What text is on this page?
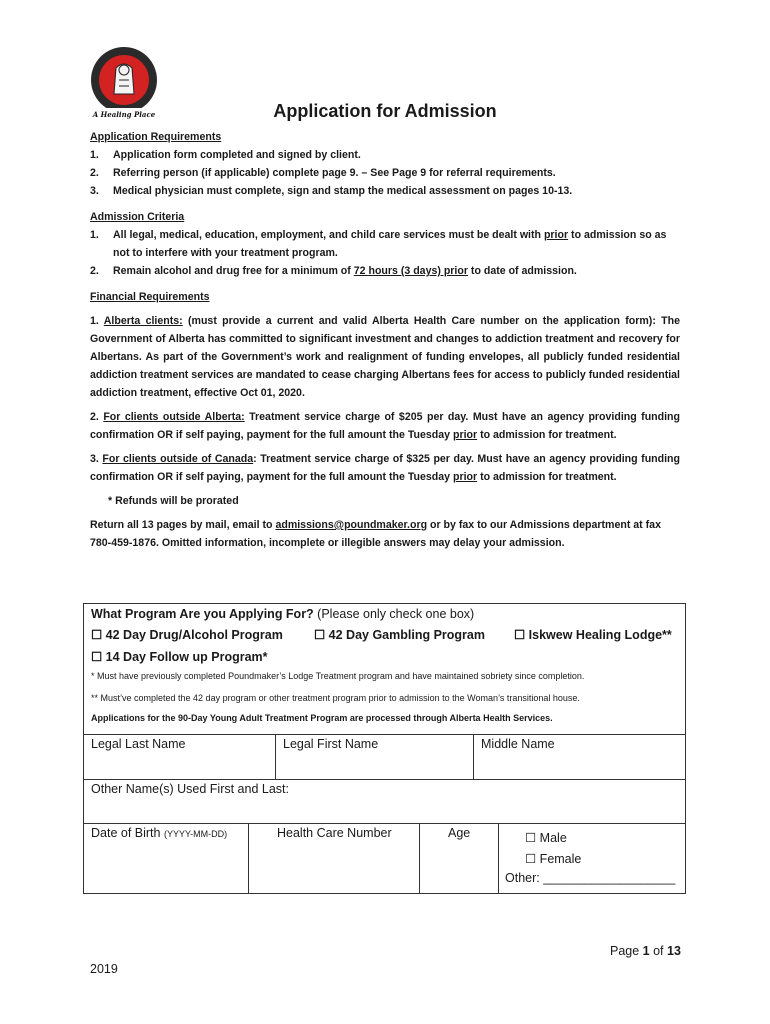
A Healing Place	Application for Admission
Application Requirements
1.	Application form completed and signed by client.
2.	Referring person (if applicable) complete page 9. – See Page 9 for referral requirements.
3.	Medical physician must complete, sign and stamp the medical assessment on pages 10-13.
Admission Criteria
1.	All legal, medical, education, employment, and child care services must be dealt with prior to admission so as not to interfere with your treatment program.
2.	Remain alcohol and drug free for a minimum of 72 hours (3 days) prior to date of admission.
Financial Requirements
1. Alberta clients: (must provide a current and valid Alberta Health Care number on the application form): The Government of Alberta has committed to significant investment and changes to addiction treatment and recovery for Albertans. As part of the Government’s work and realignment of funding envelopes, all publicly funded residential addiction treatment services are mandated to cease charging Albertans fees for access to publicly funded residential addiction treatment, effective Oct 01, 2020.
2. For clients outside Alberta: Treatment service charge of $205 per day. Must have an agency providing funding confirmation OR if self paying, payment for the full amount the Tuesday prior to admission for treatment.
3. For clients outside of Canada: Treatment service charge of $325 per day. Must have an agency providing funding confirmation OR if self paying, payment for the full amount the Tuesday prior to admission for treatment.
* Refunds will be prorated
Return all 13 pages by mail, email to admissions@poundmaker.org or by fax to our Admissions department at fax 780-459-1876. Omitted information, incomplete or illegible answers may delay your admission.
What Program Are you Applying For? (Please only check one box)
☐ 42 Day Drug/Alcohol Program ☐ 42 Day Gambling Program ☐ Iskwew Healing Lodge**
☐ 14 Day Follow up Program*
* Must have previously completed Poundmaker’s Lodge Treatment program and have maintained sobriety since completion.
** Must’ve completed the 42 day program or other treatment program prior to admission to the Woman’s transitional house.
Applications for the 90-Day Young Adult Treatment Program are processed through Alberta Health Services.
Legal Last Name	Legal First Name	Middle Name
Other Name(s) Used First and Last:
Date of Birth (YYYY-MM-DD)	Health Care Number	Age	☐ Male
☐ Female
Other: ___________________
Page 1 of 13
2019
